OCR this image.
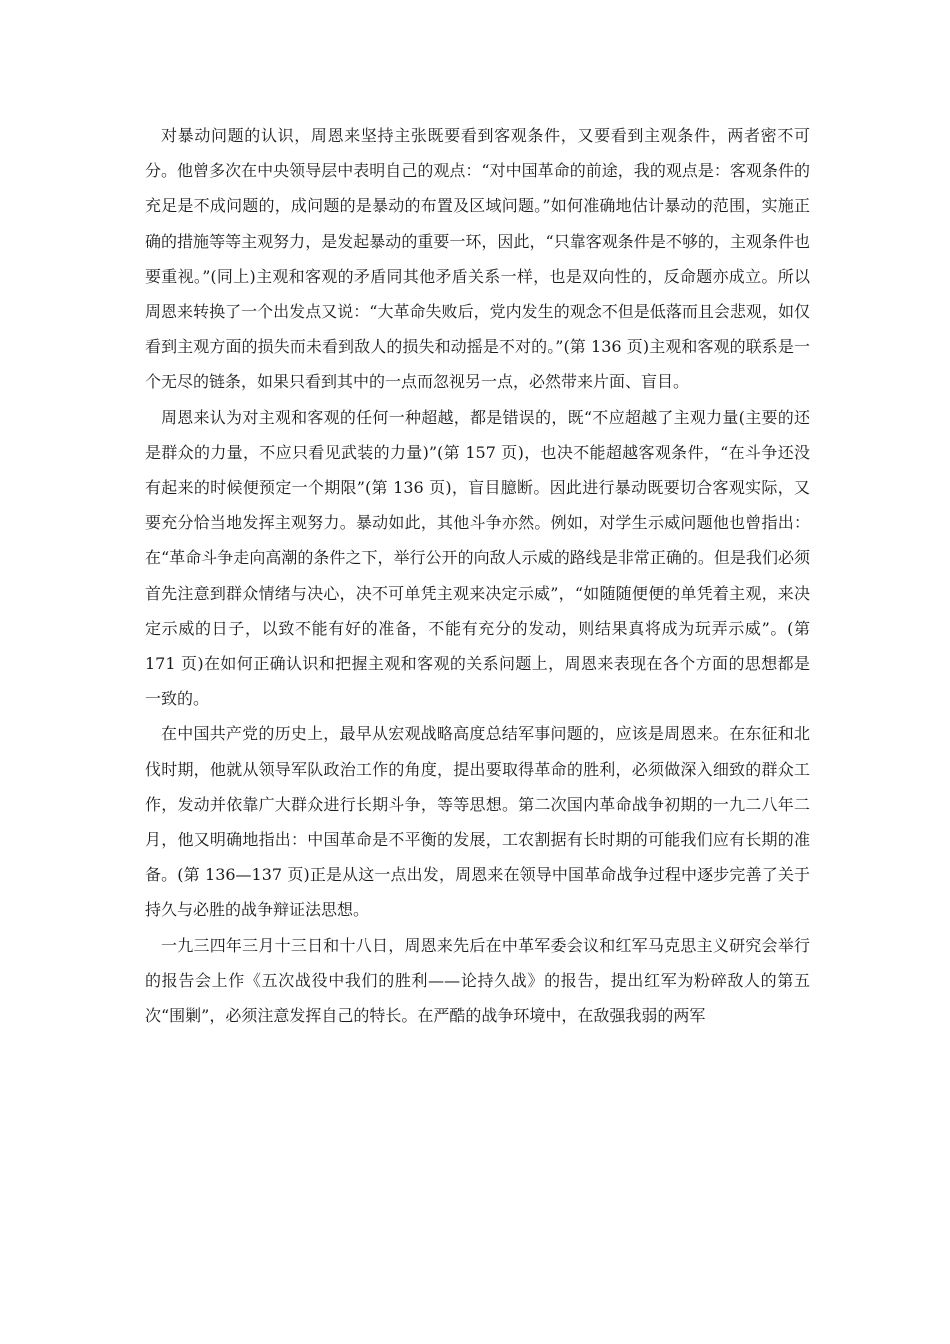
对暴动问题的认识，周恩来坚持主张既要看到客观条件，又要看到主观条件，两者密不可分。他曾多次在中央领导层中表明自己的观点：“对中国革命的前途，我的观点是：客观条件的充足是不成问题的，成问题的是暴动的布置及区域问题。”如何准确地估计暴动的范围，实施正确的措施等等主观努力，是发起暴动的重要一环，因此，“只靠客观条件是不够的，主观条件也要重视。”(同上)主观和客观的矛盾同其他矛盾关系一样，也是双向性的，反命题亦成立。所以周恩来转换了一个出发点又说：“大革命失败后，党内发生的观念不但是低落而且会悲观，如仅看到主观方面的损失而未看到敌人的损失和动摇是不对的。”(第 136 页)主观和客观的联系是一个无尽的链条，如果只看到其中的一点而忽视另一点，必然带来片面、盲目。

周恩来认为对主观和客观的任何一种超越，都是错误的，既“不应超越了主观力量(主要的还是群众的力量，不应只看见武装的力量)”(第 157 页)，也决不能超越客观条件，“在斗争还没有起来的时候便预定一个期限”(第 136 页)，盲目臆断。因此进行暴动既要切合客观实际，又要充分恰当地发挥主观努力。暴动如此，其他斗争亦然。例如，对学生示威问题他也曾指出：在“革命斗争走向高潮的条件之下，举行公开的向敌人示威的路线是非常正确的。但是我们必须首先注意到群众情绪与决心，决不可单凭主观来决定示威”，“如随随便便的单凭着主观，来决定示威的日子，以致不能有好的准备，不能有充分的发动，则结果真将成为玩弄示威”。(第 171 页)在如何正确认识和把握主观和客观的关系问题上，周恩来表现在各个方面的思想都是一致的。

在中国共产党的历史上，最早从宏观战略高度总结军事问题的，应该是周恩来。在东征和北伐时期，他就从领导军队政治工作的角度，提出要取得革命的胜利，必须做深入细致的群众工作，发动并依靠广大群众进行长期斗争，等等思想。第二次国内革命战争初期的一九二八年二月，他又明确地指出：中国革命是不平衡的发展，工农割据有长时期的可能我们应有长期的准备。(第 136—137 页)正是从这一点出发，周恩来在领导中国革命战争过程中逐步完善了关于持久与必胜的战争辩证法思想。

一九三四年三月十三日和十八日，周恩来先后在中革军委会议和红军马克思主义研究会举行的报告会上作《五次战役中我们的胜利——论持久战》的报告，提出红军为粉碎敌人的第五次“围剿”，必须注意发挥自己的特长。在严酷的战争环境中，在敌强我弱的两军
